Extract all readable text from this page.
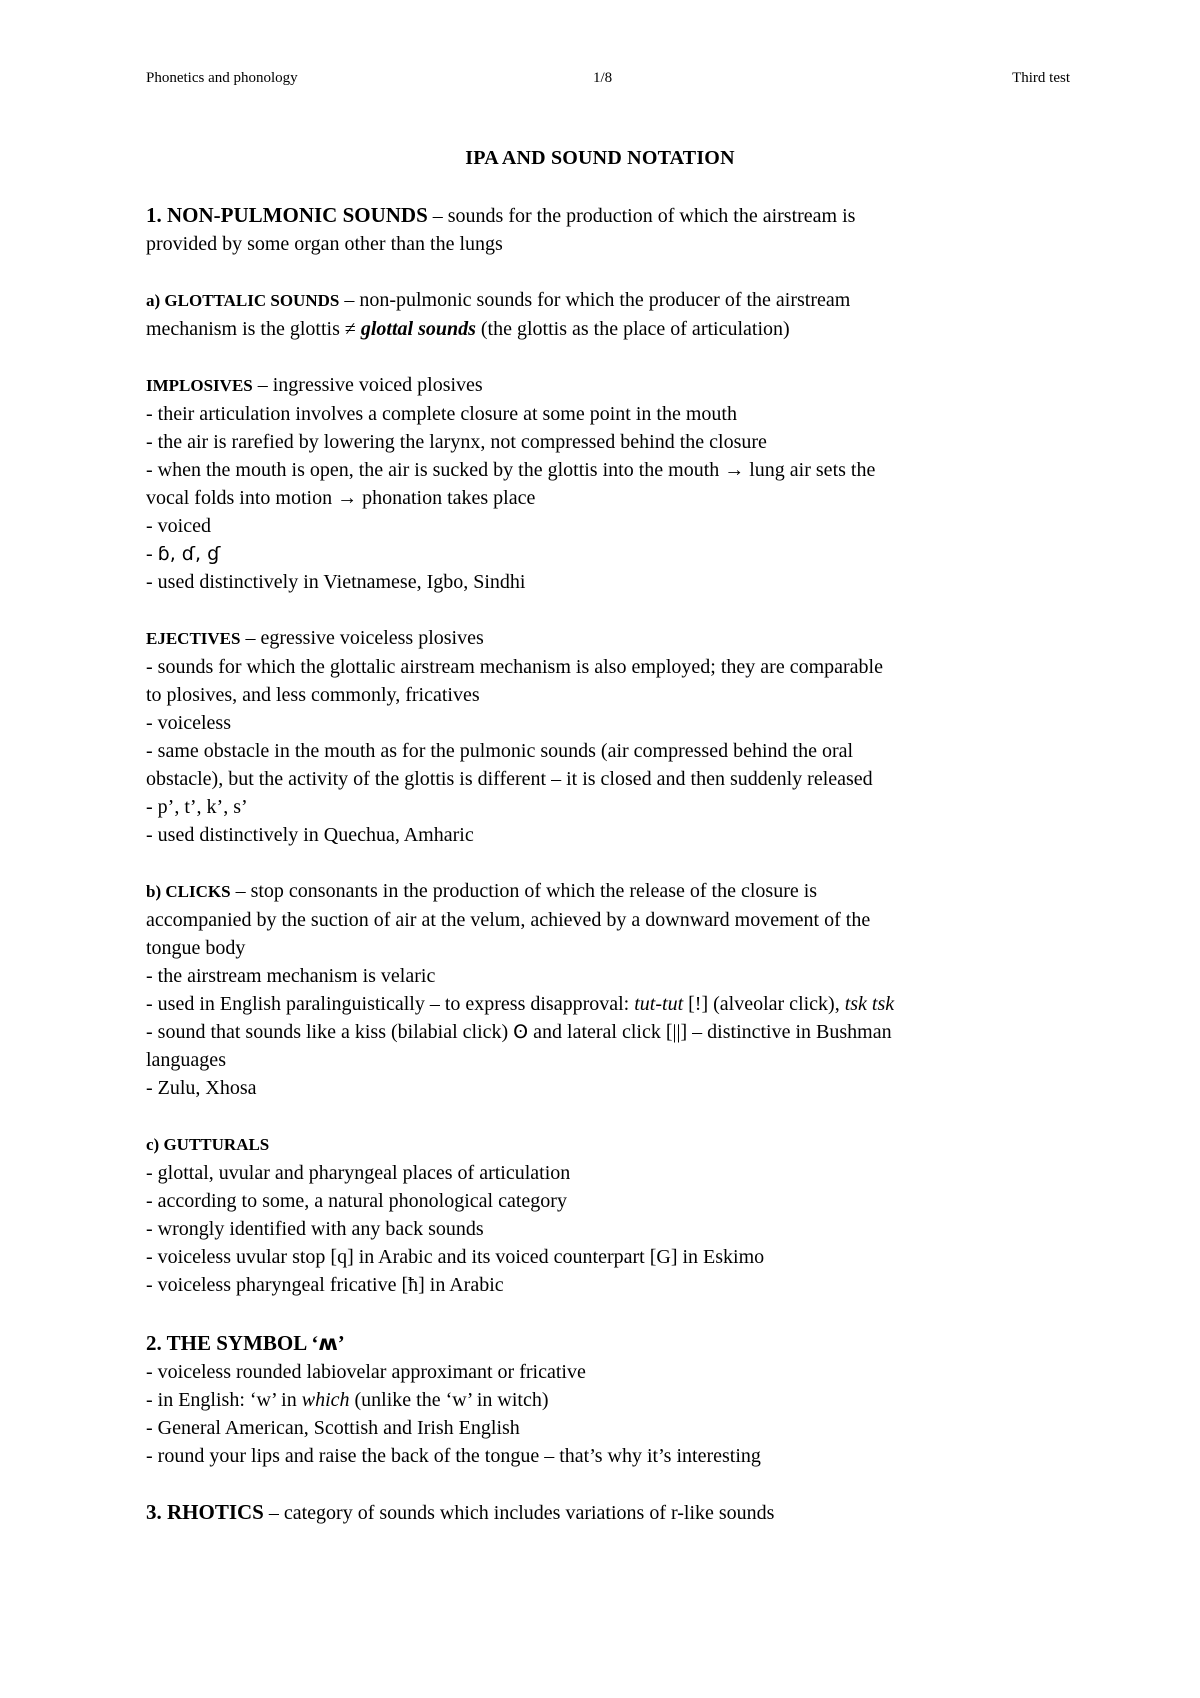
Phonetics and phonology	1/8	Third test
IPA AND SOUND NOTATION

1. NON-PULMONIC SOUNDS – sounds for the production of which the airstream is

provided by some organ other than the lungs

a) GLOTTALIC SOUNDS – non-pulmonic sounds for which the producer of the airstream

mechanism is the glottis ≠ glottal sounds (the glottis as the place of articulation)

IMPLOSIVES – ingressive voiced plosives

- their articulation involves a complete closure at some point in the mouth

- the air is rarefied by lowering the larynx, not compressed behind the closure

- when the mouth is open, the air is sucked by the glottis into the mouth → lung air sets the

vocal folds into motion → phonation takes place

- voiced

- ɓ, ɗ, ɠ

- used distinctively in Vietnamese, Igbo, Sindhi

EJECTIVES – egressive voiceless plosives

- sounds for which the glottalic airstream mechanism is also employed; they are comparable

to plosives, and less commonly, fricatives

- voiceless

- same obstacle in the mouth as for the pulmonic sounds (air compressed behind the oral

obstacle), but the activity of the glottis is different – it is closed and then suddenly released

- p’, t’, k’, s’

- used distinctively in Quechua, Amharic

b) CLICKS – stop consonants in the production of which the release of the closure is

accompanied by the suction of air at the velum, achieved by a downward movement of the

tongue body

- the airstream mechanism is velaric

- used in English paralinguistically – to express disapproval: tut-tut [!] (alveolar click), tsk tsk

- sound that sounds like a kiss (bilabial click) ʘ and lateral click [||] – distinctive in Bushman

languages

- Zulu, Xhosa

c) GUTTURALS

- glottal, uvular and pharyngeal places of articulation

- according to some, a natural phonological category

- wrongly identified with any back sounds

- voiceless uvular stop [q] in Arabic and its voiced counterpart [G] in Eskimo

- voiceless pharyngeal fricative [ħ] in Arabic

2. THE SYMBOL ‘ʍ’

- voiceless rounded labiovelar approximant or fricative

- in English: ‘w’ in which (unlike the ‘w’ in witch)

- General American, Scottish and Irish English

- round your lips and raise the back of the tongue – that’s why it’s interesting

3. RHOTICS – category of sounds which includes variations of r-like sounds
